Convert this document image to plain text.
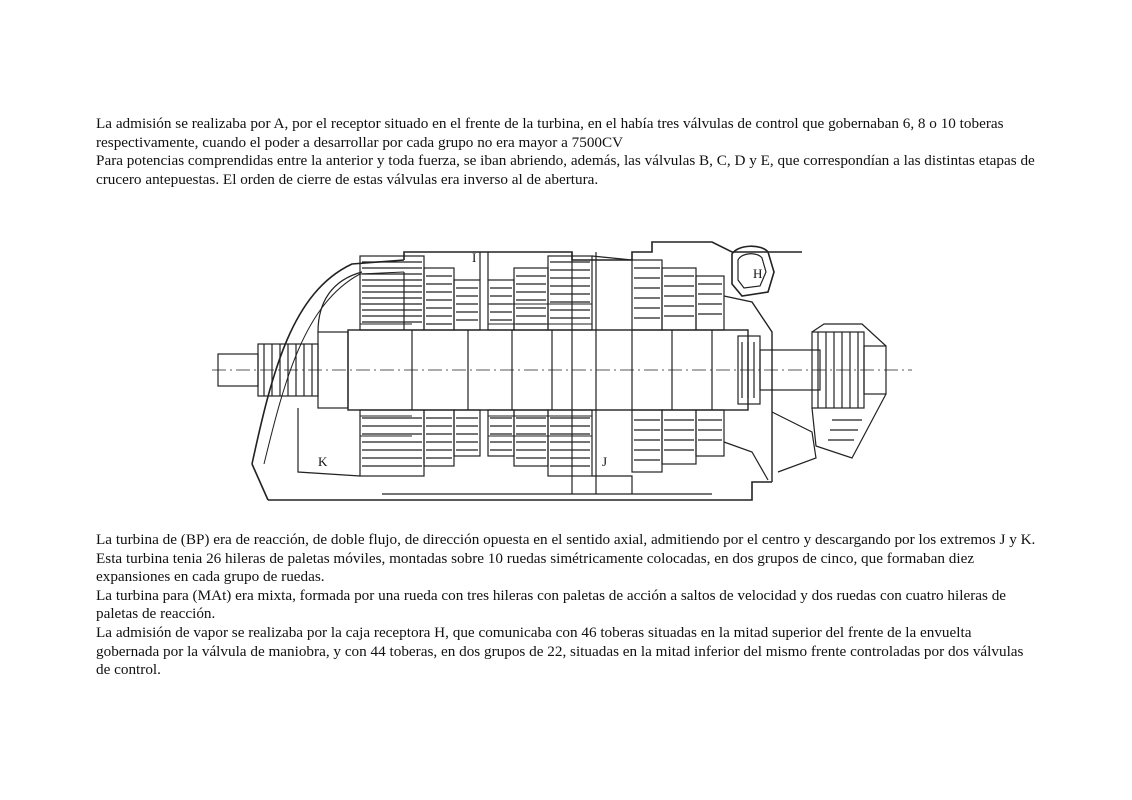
La admisión se realizaba por A, por el receptor situado en el frente de la turbina, en el había tres válvulas de control que gobernaban 6, 8 o 10 toberas respectivamente, cuando el poder a desarrollar por cada grupo no era mayor a 7500CV

Para potencias comprendidas entre la anterior y toda fuerza, se iban abriendo, además, las válvulas B, C, D y E, que correspondían a las distintas etapas de crucero antepuestas. El orden de cierre de estas válvulas era inverso al de abertura.

I
H
K	J

La turbina de (BP) era de reacción, de doble flujo, de dirección opuesta en el sentido axial, admitiendo por el centro y descargando por los extremos J y K. Esta turbina tenia 26 hileras de paletas móviles, montadas sobre 10 ruedas simétricamente colocadas, en dos grupos de cinco, que formaban diez expansiones en cada grupo de ruedas.

La turbina para (MAt) era mixta, formada por una rueda con tres hileras con paletas de acción a saltos de velocidad y dos ruedas con cuatro hileras de paletas de reacción.

La admisión de vapor se realizaba por la caja receptora H, que comunicaba con 46 toberas situadas en la mitad superior del frente de la envuelta gobernada por la válvula de maniobra, y con 44 toberas, en dos grupos de 22, situadas en la mitad inferior del mismo frente controladas por dos válvulas de control.
